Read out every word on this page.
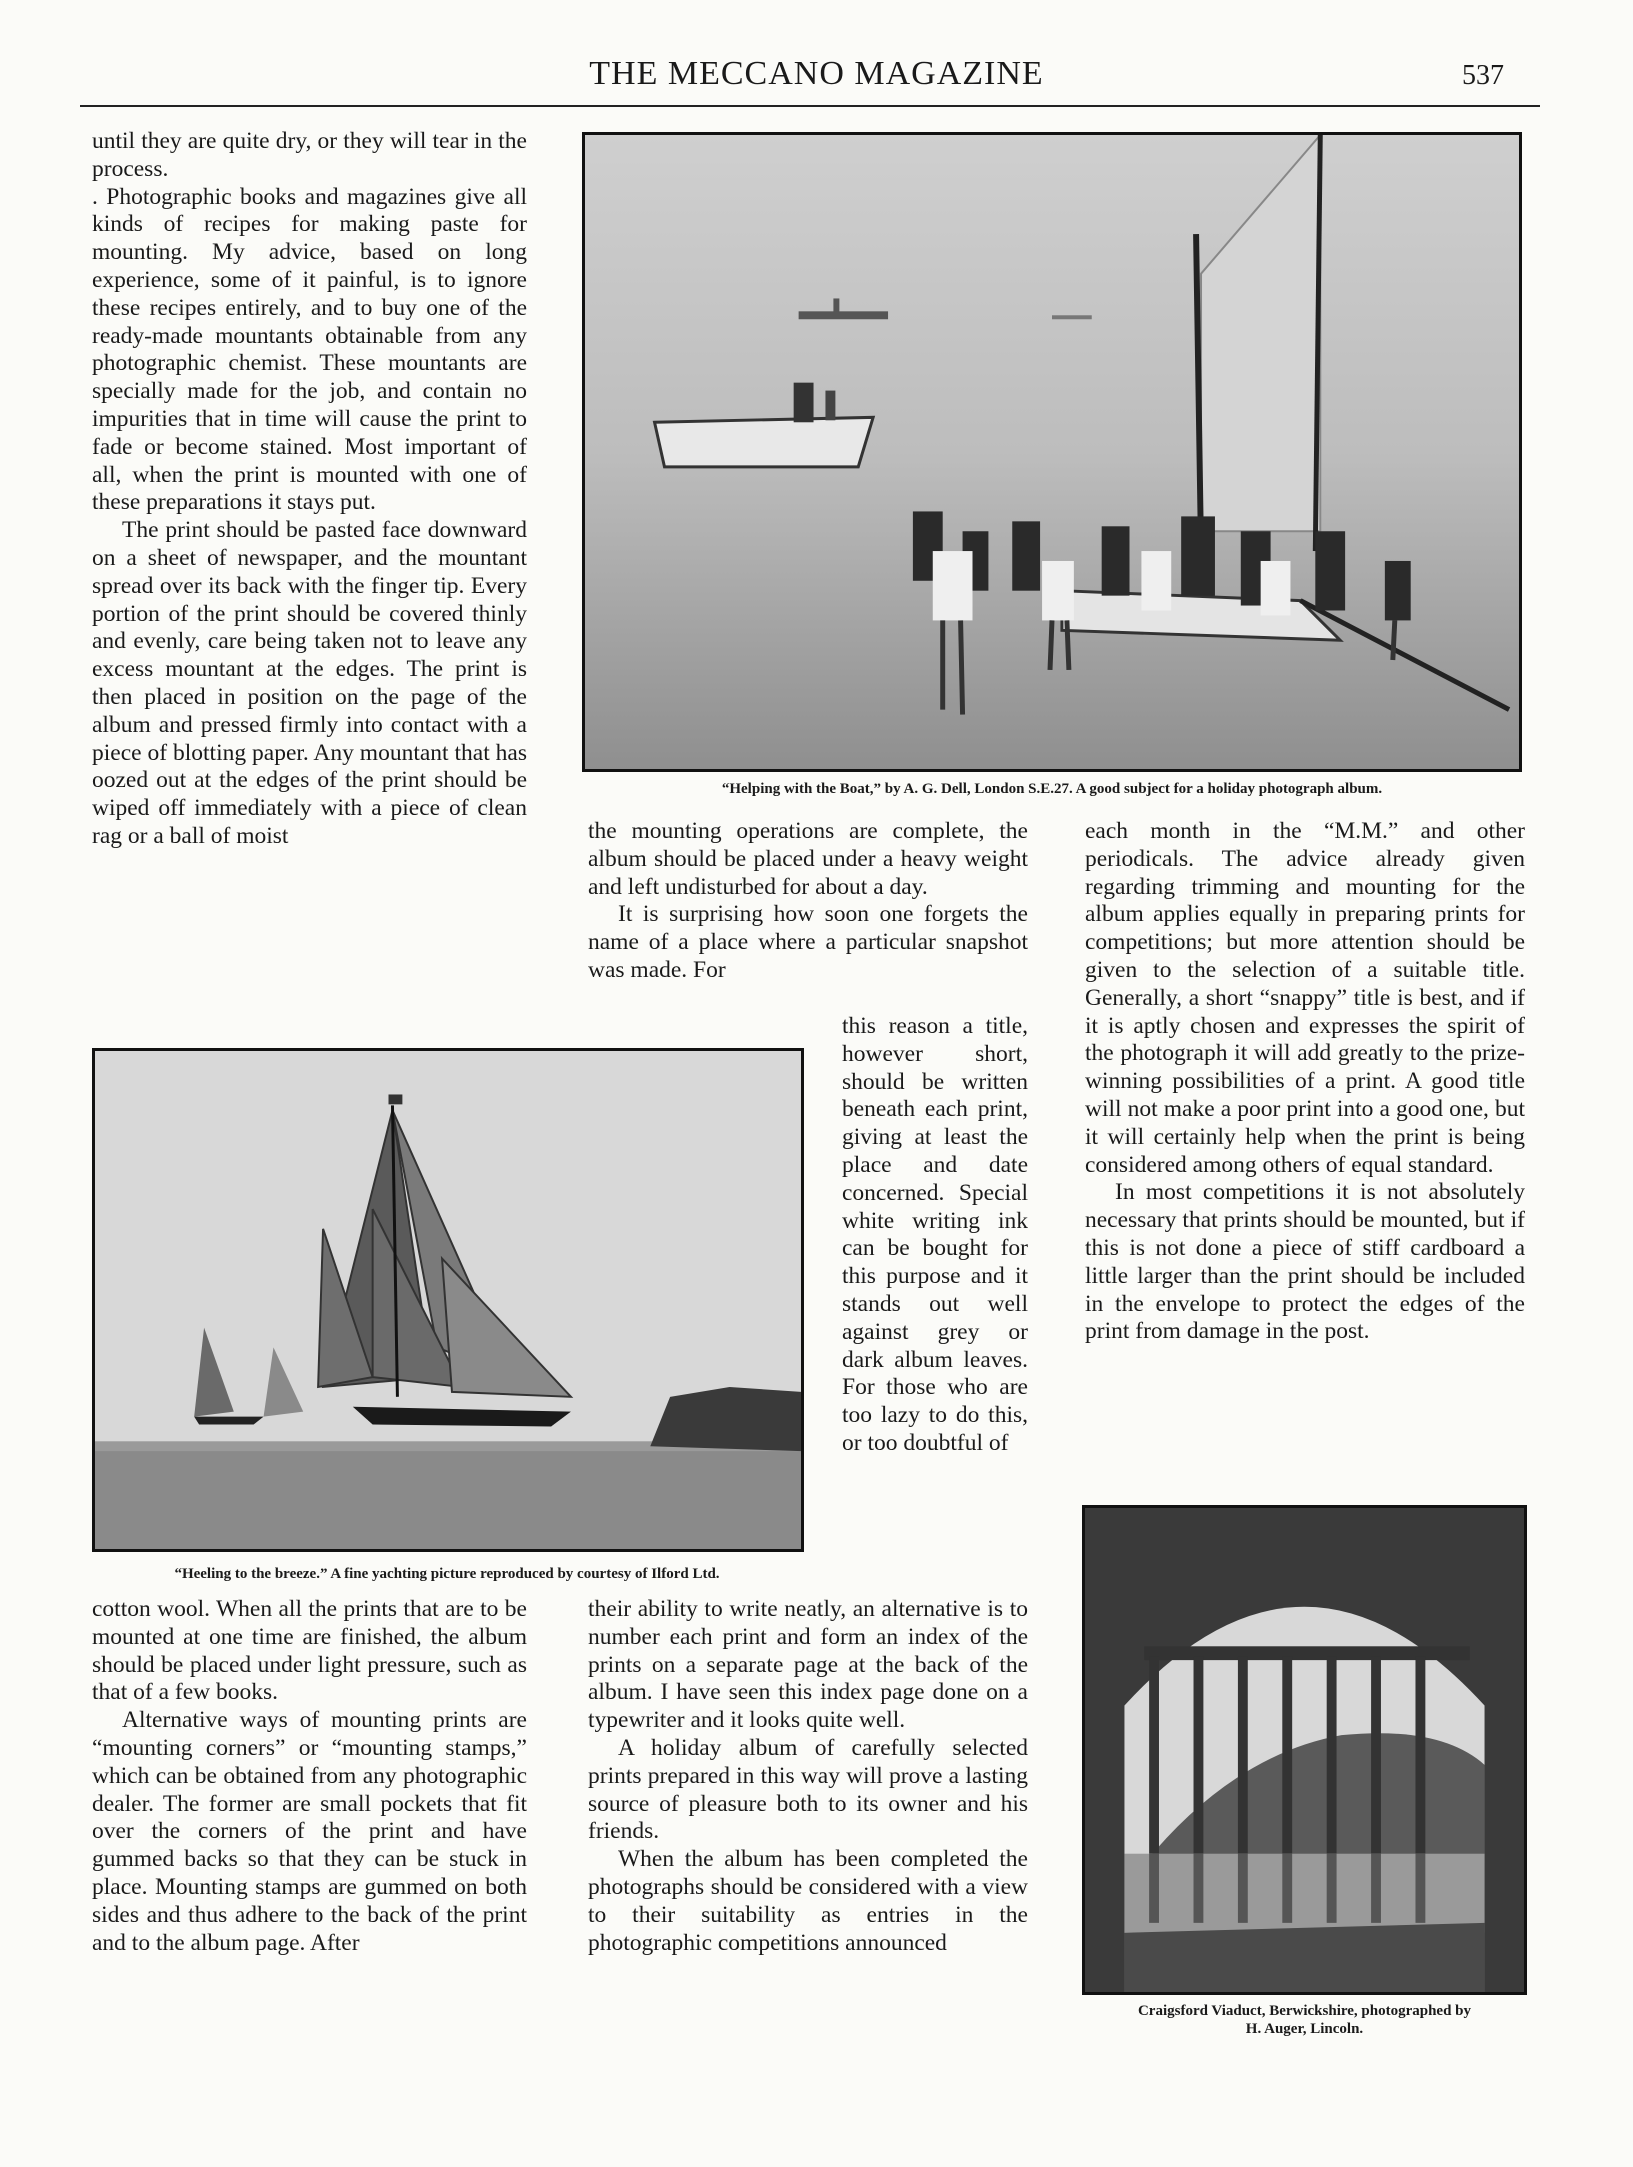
THE MECCANO MAGAZINE	537
“Helping with the Boat,” by A. G. Dell, London S.E.27. A good subject for a holiday photograph album.

until they are quite dry, or they will tear in the process.

. Photographic books and magazines give all kinds of recipes for making paste for mounting. My advice, based on long experience, some of it painful, is to ignore these recipes entirely, and to buy one of the ready-made mountants obtainable from any photographic chemist. These mountants are specially made for the job, and contain no impurities that in time will cause the print to fade or become stained. Most important of all, when the print is mounted with one of these preparations it stays put.

The print should be pasted face downward on a sheet of newspaper, and the mountant spread over its back with the finger tip. Every portion of the print should be covered thinly and evenly, care being taken not to leave any excess mountant at the edges. The print is then placed in position on the page of the album and pressed firmly into contact with a piece of blotting paper. Any mountant that has oozed out at the edges of the print should be wiped off immediately with a piece of clean rag or a ball of moist

“Heeling to the breeze.” A fine yachting picture reproduced by courtesy of Ilford Ltd.

cotton wool. When all the prints that are to be mounted at one time are finished, the album should be placed under light pressure, such as that of a few books.

Alternative ways of mounting prints are “mounting corners” or “mounting stamps,” which can be obtained from any photographic dealer. The former are small pockets that fit over the corners of the print and have gummed backs so that they can be stuck in place. Mounting stamps are gummed on both sides and thus adhere to the back of the print and to the album page. After

the mounting operations are complete, the album should be placed under a heavy weight and left undisturbed for about a day.

It is surprising how soon one forgets the name of a place where a particular snapshot was made. For

this reason a title, however short, should be written beneath each print, giving at least the place and date concerned. Special white writing ink can be bought for this purpose and it stands out well against grey or dark album leaves. For those who are too lazy to do this, or too doubtful of

their ability to write neatly, an alternative is to number each print and form an index of the prints on a separate page at the back of the album. I have seen this index page done on a typewriter and it looks quite well.

A holiday album of carefully selected prints prepared in this way will prove a lasting source of pleasure both to its owner and his friends.

When the album has been completed the photographs should be considered with a view to their suitability as entries in the photographic competitions announced

each month in the “M.M.” and other periodicals. The advice already given regarding trimming and mounting for the album applies equally in preparing prints for competitions; but more attention should be given to the selection of a suitable title. Generally, a short “snappy” title is best, and if it is aptly chosen and expresses the spirit of the photograph it will add greatly to the prize-winning possibilities of a print. A good title will not make a poor print into a good one, but it will certainly help when the print is being considered among others of equal standard.

In most competitions it is not absolutely necessary that prints should be mounted, but if this is not done a piece of stiff cardboard a little larger than the print should be included in the envelope to protect the edges of the print from damage in the post.

Craigsford Viaduct, Berwickshire, photographed by
H. Auger, Lincoln.
